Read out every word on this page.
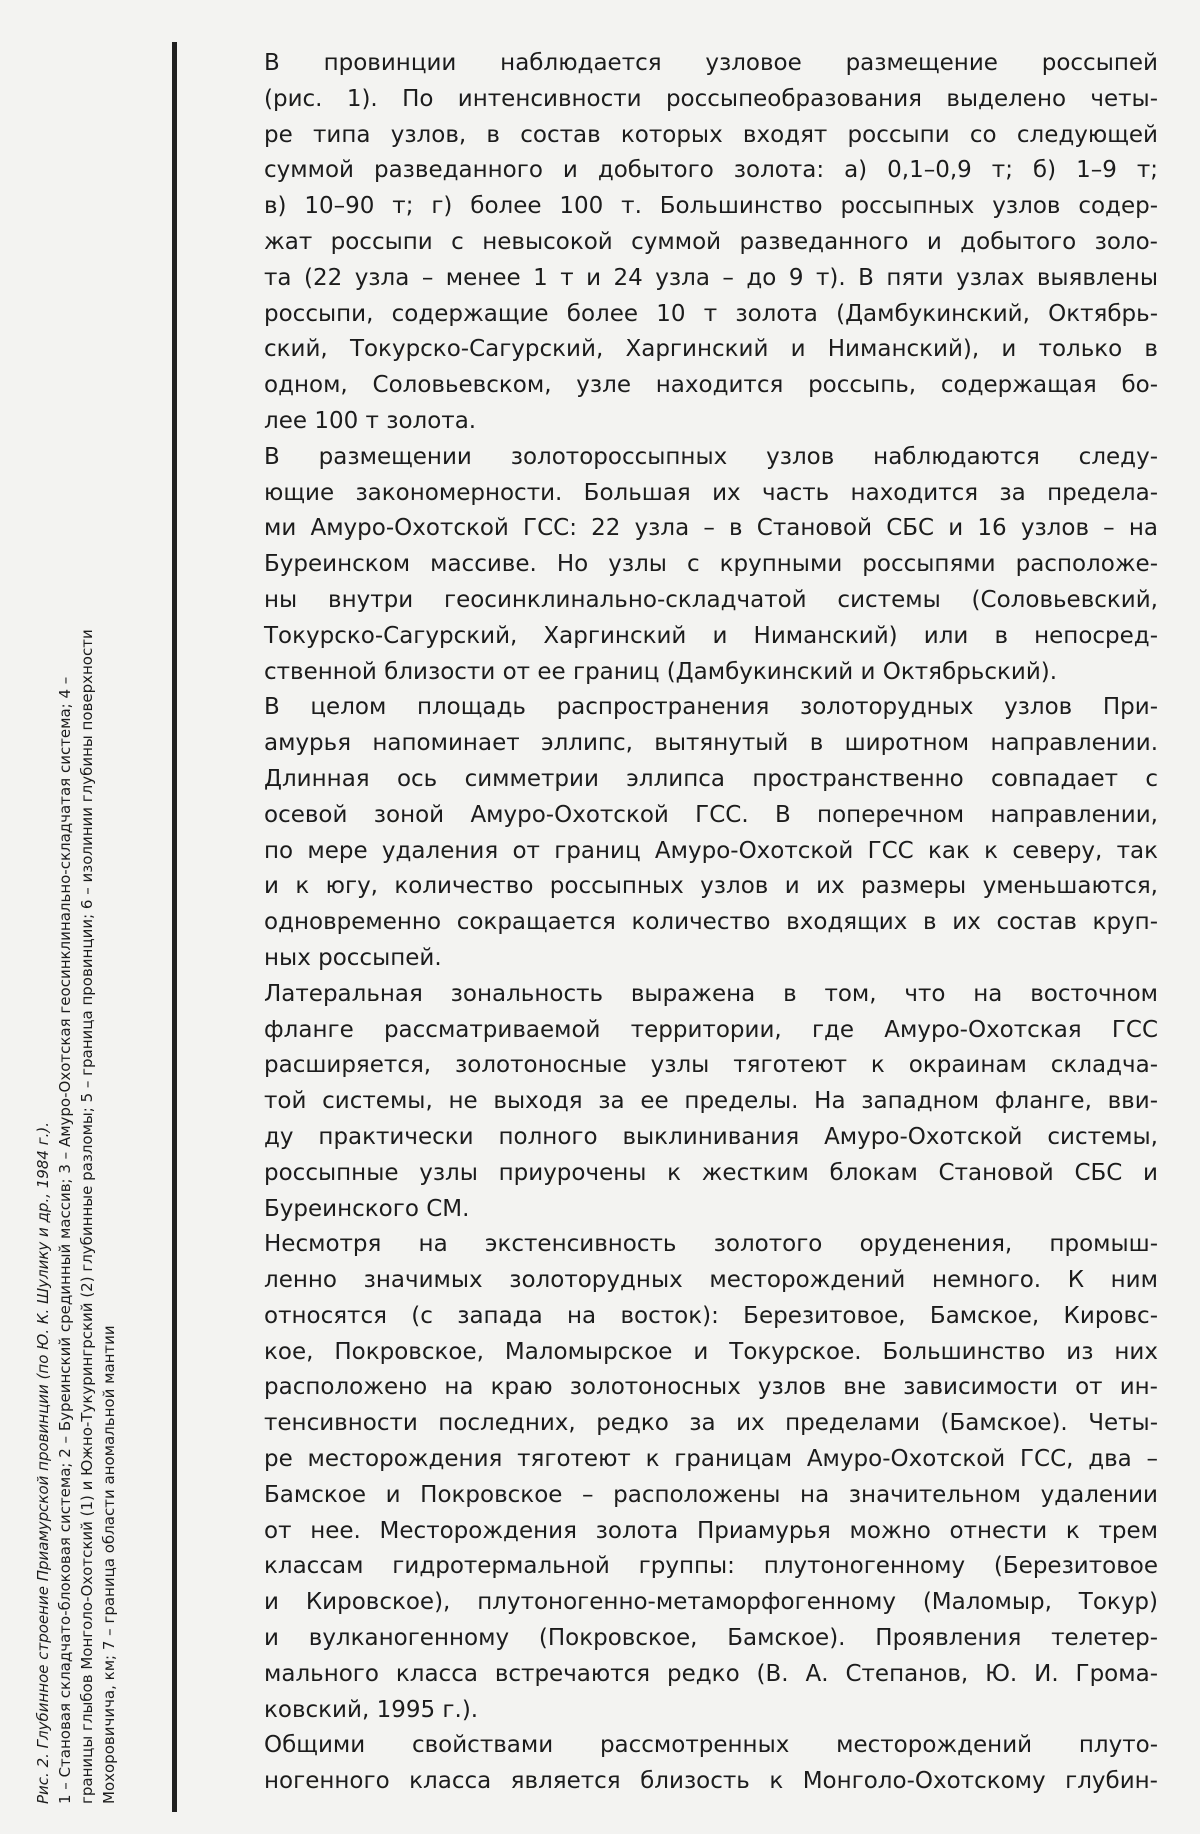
Рис. 2. Глубинное строение Приамурской провинции (по Ю. К. Шулику и др., 1984 г.). 1 – Становая складчато-блоковая система; 2 – Буреинский срединный массив; 3 – Амуро-Охотская геосинклинально-складчатая система; 4 – границы глыбов Монголо-Охотский (1) и Южно-Тукурингрский (2) глубинные разломы; 5 – граница провинции; 6 – изолинии глубины поверхности Мохоровичича, км; 7 – граница области аномальной мантии

В провинции наблюдается узловое размещение россыпей
(рис. 1). По интенсивности россыпеобразования выделено четы-
ре типа узлов, в состав которых входят россыпи со следующей
суммой разведанного и добытого золота: а) 0,1–0,9 т; б) 1–9 т;
в) 10–90 т; г) более 100 т. Большинство россыпных узлов содер-
жат россыпи с невысокой суммой разведанного и добытого золо-
та (22 узла – менее 1 т и 24 узла – до 9 т). В пяти узлах выявлены
россыпи, содержащие более 10 т золота (Дамбукинский, Октябрь-
ский, Токурско-Сагурский, Харгинский и Ниманский), и только в
одном, Соловьевском, узле находится россыпь, содержащая бо-
лее 100 т золота.

В размещении золоторосcыпных узлов наблюдаются следу-
ющие закономерности. Большая их часть находится за предела-
ми Амуро-Охотской ГСС: 22 узла – в Становой СБС и 16 узлов – на
Буреинском массиве. Но узлы с крупными россыпями расположе-
ны внутри геосинклинально-складчатой системы (Соловьевский,
Токурско-Сагурский, Харгинский и Ниманский) или в непосред-
ственной близости от ее границ (Дамбукинский и Октябрьский).

В целом площадь распространения золоторудных узлов При-
амурья напоминает эллипс, вытянутый в широтном направлении.
Длинная ось симметрии эллипса пространственно совпадает с
осевой зоной Амуро-Охотской ГСС. В поперечном направлении,
по мере удаления от границ Амуро-Охотской ГСС как к северу, так
и к югу, количество россыпных узлов и их размеры уменьшаются,
одновременно сокращается количество входящих в их состав круп-
ных россыпей.

Латеральная зональность выражена в том, что на восточном
фланге рассматриваемой территории, где Амуро-Охотская ГСС
расширяется, золотоносные узлы тяготеют к окраинам складча-
той системы, не выходя за ее пределы. На западном фланге, вви-
ду практически полного выклинивания Амуро-Охотской системы,
россыпные узлы приурочены к жестким блокам Становой СБС и
Буреинского СМ.

Несмотря на экстенсивность золотого оруденения, промыш-
ленно значимых золоторудных месторождений немного. К ним
относятся (с запада на восток): Березитовое, Бамское, Кировс-
кое, Покровское, Маломырское и Токурское. Большинство из них
расположено на краю золотоносных узлов вне зависимости от ин-
тенсивности последних, редко за их пределами (Бамское). Четы-
ре месторождения тяготеют к границам Амуро-Охотской ГСС, два –
Бамское и Покровское – расположены на значительном удалении
от нее. Месторождения золота Приамурья можно отнести к трем
классам гидротермальной группы: плутоногенному (Березитовое
и Кировское), плутоногенно-метаморфогенному (Маломыр, Токур)
и вулканогенному (Покровское, Бамское). Проявления телетер-
мального класса встречаются редко (В. А. Степанов, Ю. И. Грома-
ковский, 1995 г.).

Общими свойствами рассмотренных месторождений плуто-
ногенного класса является близость к Монголо-Охотскому глубин-
